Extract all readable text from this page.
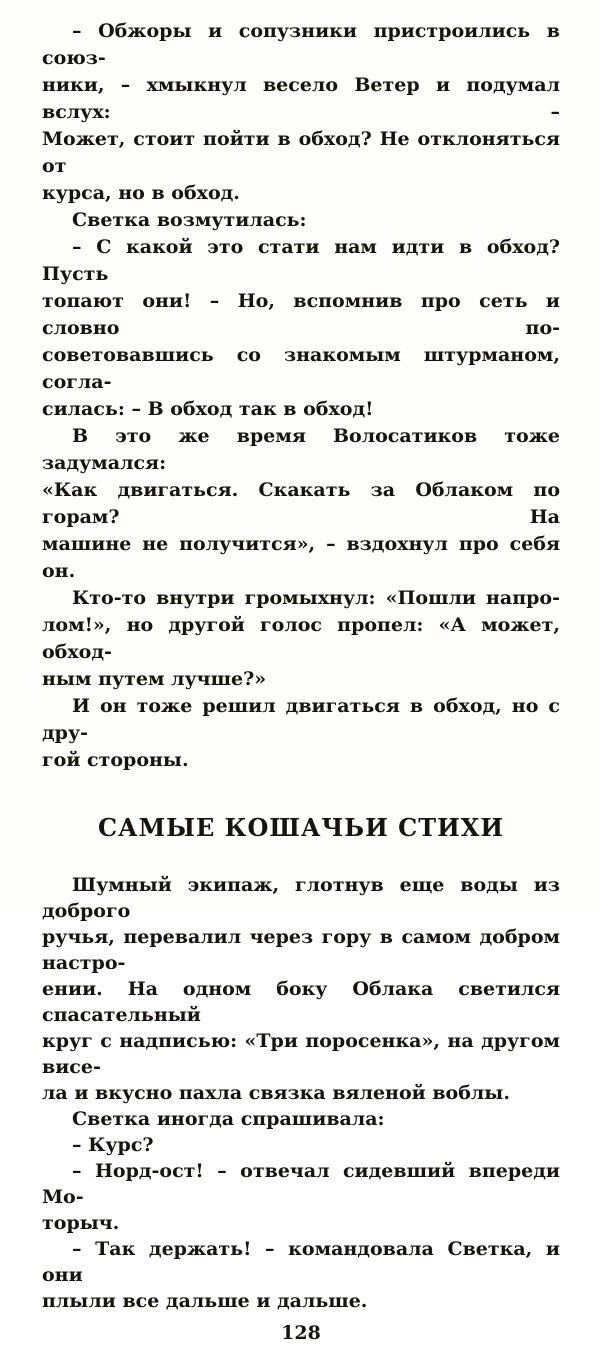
– Обжоры и сопузники пристроились в союз-
ники, – хмыкнул весело Ветер и подумал вслух: –
Может, стоит пойти в обход? Не отклоняться от
курса, но в обход.

Светка возмутилась:

– С какой это стати нам идти в обход? Пусть
топают они! – Но, вспомнив про сеть и словно по-
советовавшись со знакомым штурманом, согла-
силась: – В обход так в обход!

В это же время Волосатиков тоже задумался:
«Как двигаться. Скакать за Облаком по горам? На
машине не получится», – вздохнул про себя он.

Кто-то внутри громыхнул: «Пошли напро-
лом!», но другой голос пропел: «А может, обход-
ным путем лучше?»

И он тоже решил двигаться в обход, но с дру-
гой стороны.

САМЫЕ КОШАЧЬИ СТИХИ

Шумный экипаж, глотнув еще воды из доброго
ручья, перевалил через гору в самом добром настро-
ении. На одном боку Облака светился спасательный
круг с надписью: «Три поросенка», на другом висе-
ла и вкусно пахла связка вяленой воблы.

Светка иногда спрашивала:

– Курс?

– Норд-ост! – отвечал сидевший впереди Мо-
торыч.

– Так держать! – командовала Светка, и они
плыли все дальше и дальше.

128
